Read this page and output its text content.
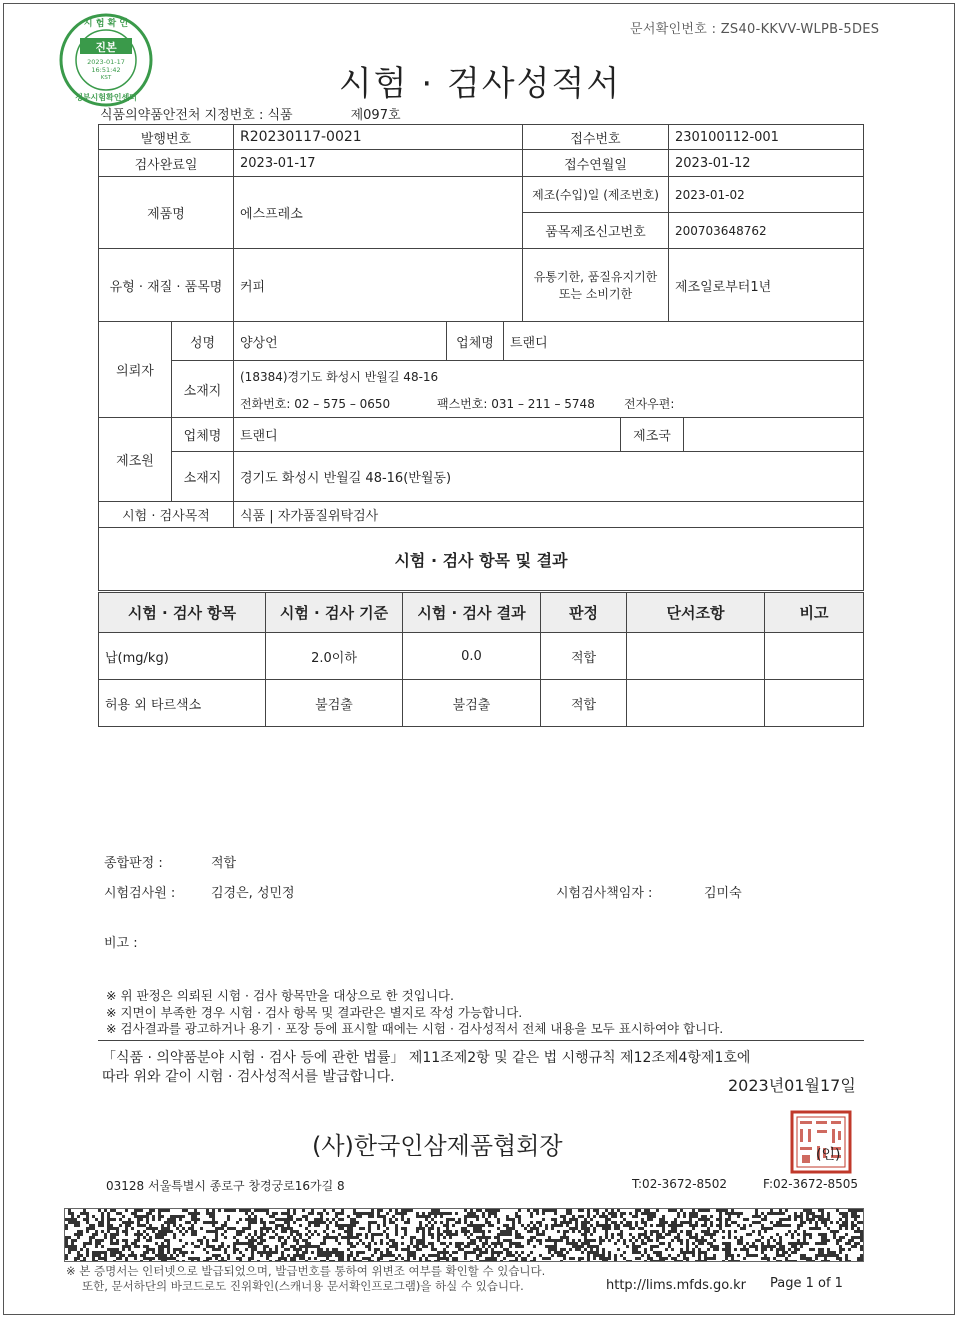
문서확인번호 : ZS40-KKVV-WLPB-5DES
진본
시 험 확 인
2023-01-17
16:51:42
KST
정부시험확인센터	시험 · 검사성적서
식품의약품안전처 지정번호 : 식품	제097호
발행번호	R20230117-0021	접수번호	230100112-001
검사완료일	2023-01-17	접수연월일	2023-01-12
제품명	에스프레소
제조(수입)일 (제조번호)	2023-01-02
품목제조신고번호	200703648762
유형 · 재질 · 품목명	커피
유통기한, 품질유지기한
또는 소비기한	제조일로부터1년
의뢰자
성명	양상언	업체명	트랜디
소재지
(18384)경기도 화성시 반월길 48-16
전화번호: 02 – 575 – 0650	팩스번호: 031 – 211 – 5748 전자우편:
제조원
업체명	트랜디	제조국
소재지	경기도 화성시 반월길 48-16(반월동)
시험 · 검사목적	식품 | 자가품질위탁검사
시험 · 검사 항목 및 결과
시험 · 검사 항목	시험 · 검사 기준	시험 · 검사 결과	판정	단서조항	비고
납(mg/kg)	2.0이하	0.0	적합
허용 외 타르색소	불검출	불검출	적합
종합판정 :	적합
시험검사원 :	김경은, 성민정	시험검사책임자 :	김미숙
비고 :
※ 위 판정은 의뢰된 시험 · 검사 항목만을 대상으로 한 것입니다.
※ 지면이 부족한 경우 시험 · 검사 항목 및 결과란은 별지로 작성 가능합니다.
※ 검사결과를 광고하거나 용기 · 포장 등에 표시할 때에는 시험 · 검사성적서 전체 내용을 모두 표시하여야 합니다.
「식품 · 의약품분야 시험 · 검사 등에 관한 법률」 제11조제2항 및 같은 법 시행규칙 제12조제4항제1호에
따라 위와 같이 시험 · 검사성적서를 발급합니다.	2023년01월17일
(사)한국인삼제품협회장	(인)
03128 서울특별시 종로구 창경궁로16가길 8	T:02-3672-8502	F:02-3672-8505
※ 본 증명서는 인터넷으로 발급되었으며, 발급번호를 통하여 위변조 여부를 확인할 수 있습니다.
또한, 문서하단의 바코드로도 진위확인(스캐너용 문서확인프로그램)을 하실 수 있습니다.	http://lims.mfds.go.kr Page 1 of 1
